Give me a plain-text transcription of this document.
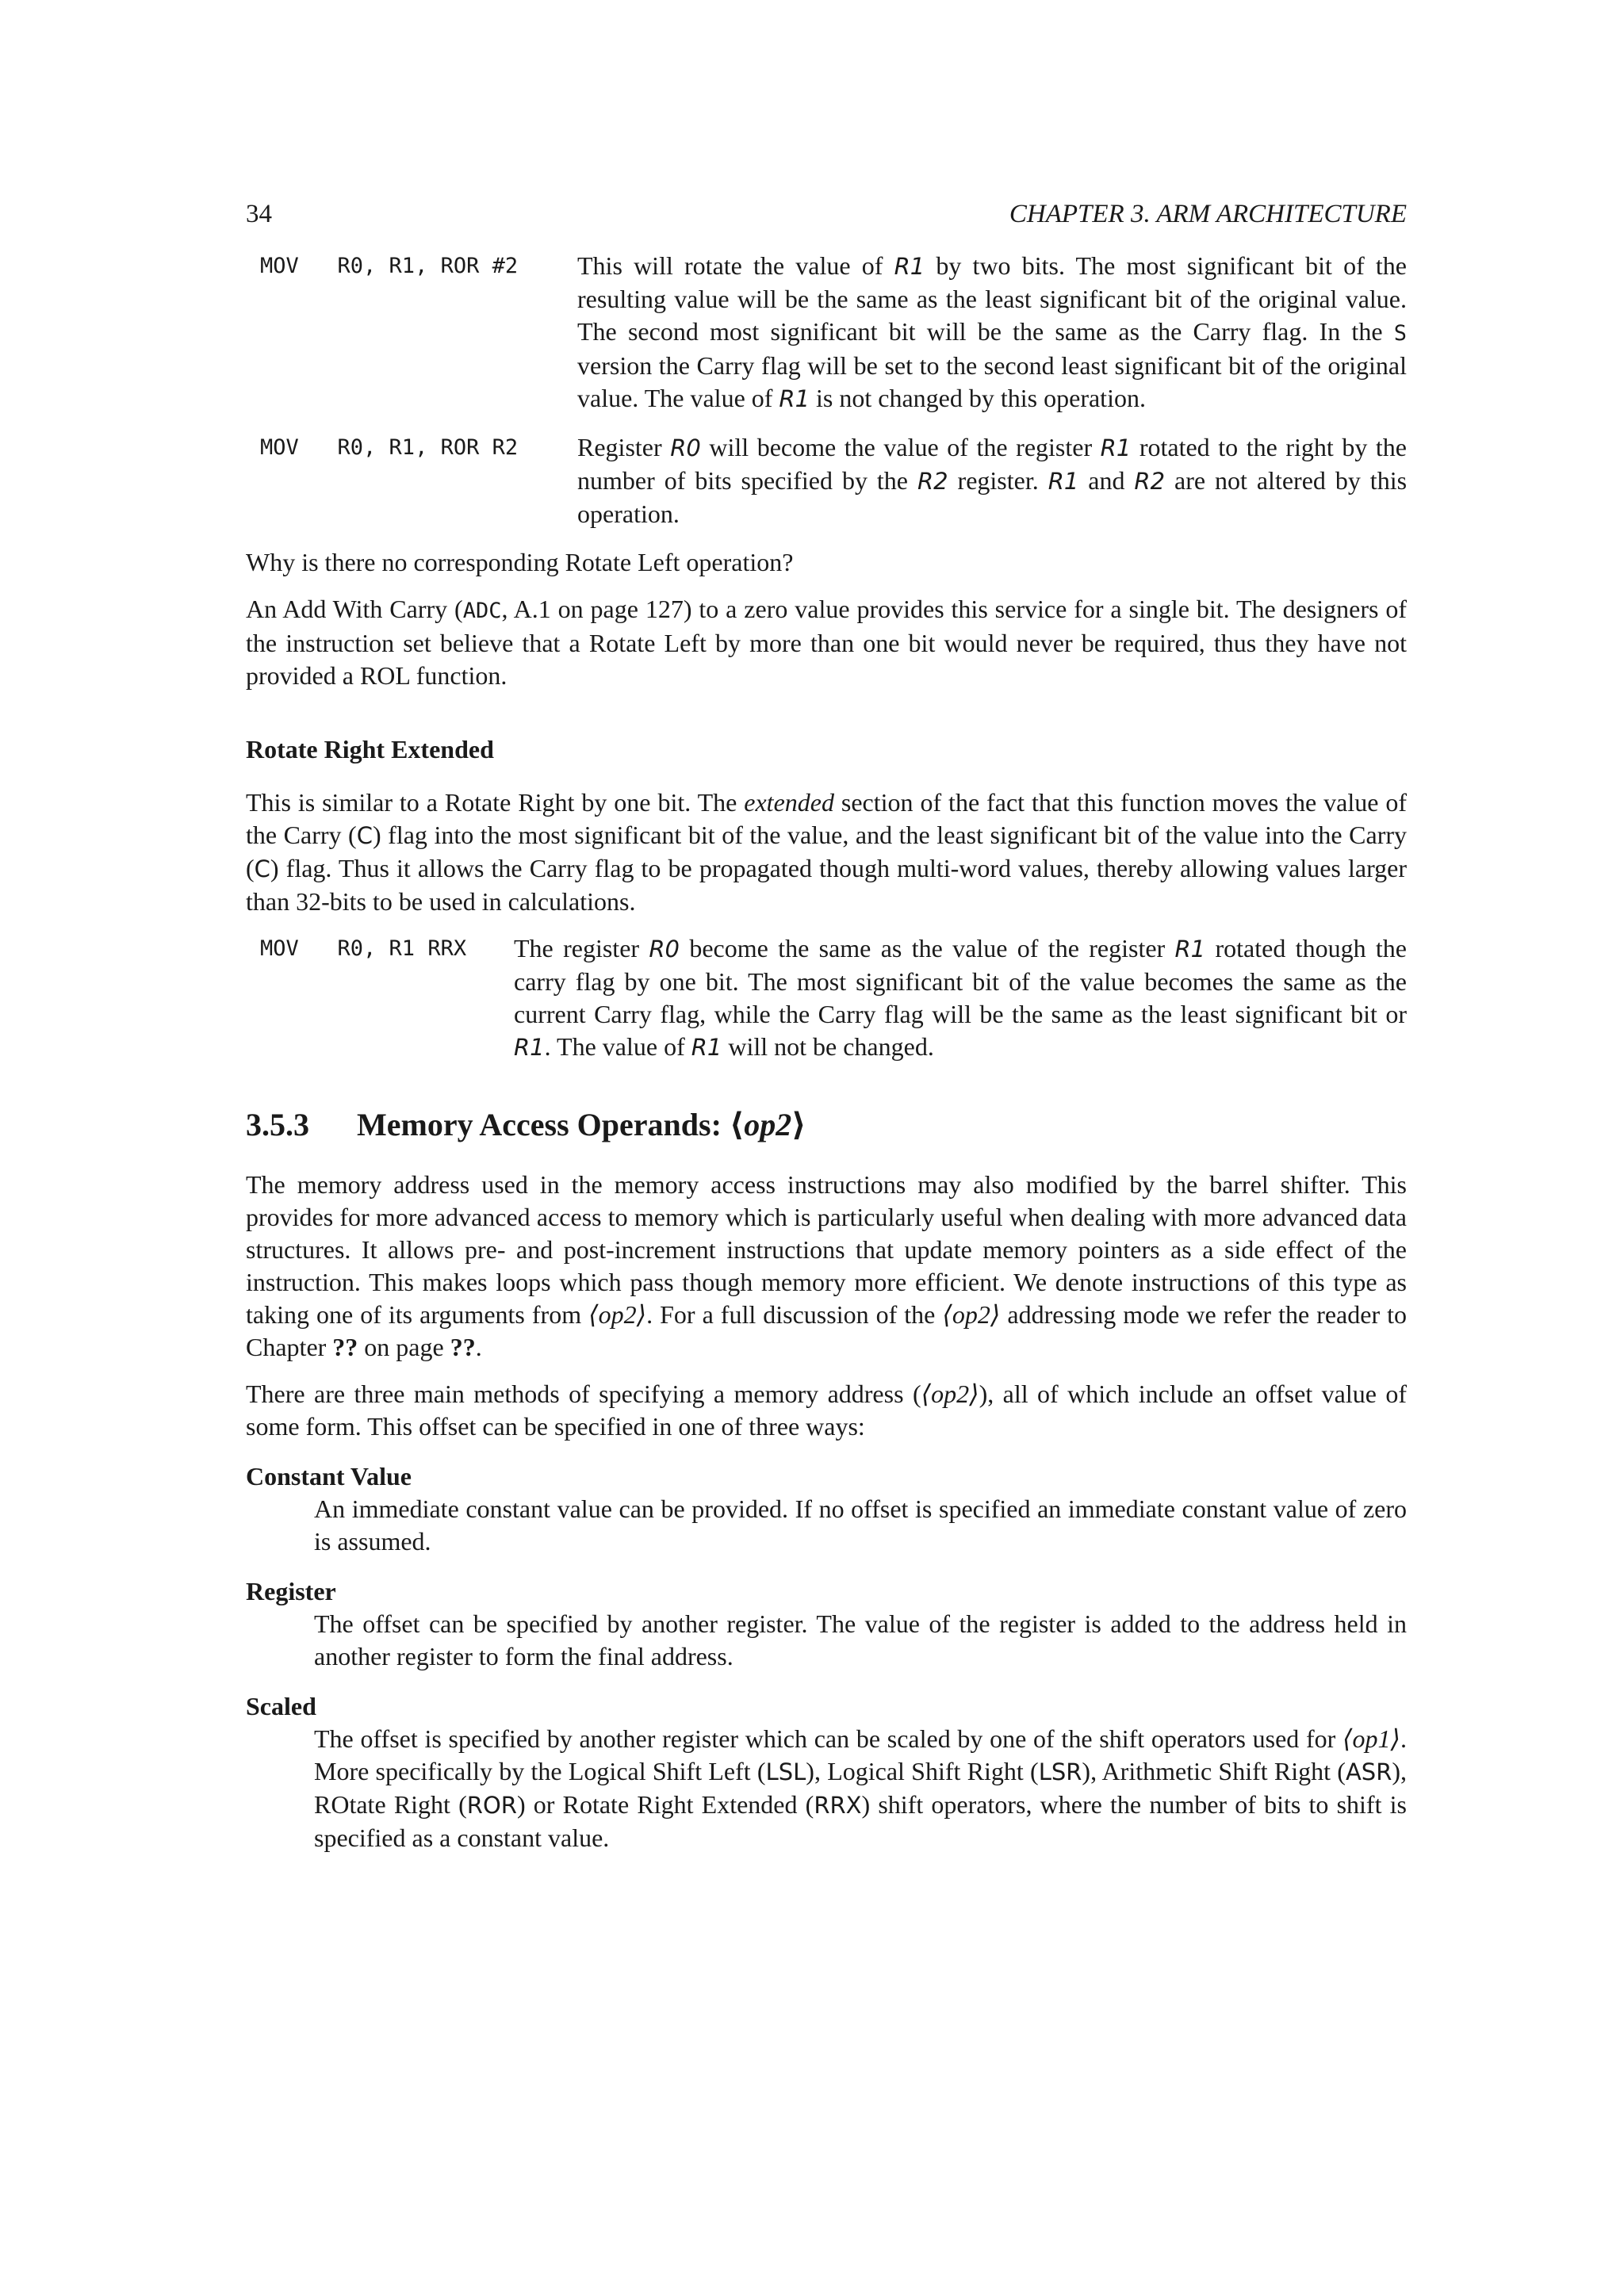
34	CHAPTER 3. ARM ARCHITECTURE
MOV   R0, R1, ROR #2	This will rotate the value of R1 by two bits. The most significant bit of the resulting value will be the same as the least significant bit of the original value. The second most significant bit will be the same as the Carry flag. In the S version the Carry flag will be set to the second least significant bit of the original value. The value of R1 is not changed by this operation.
MOV   R0, R1, ROR R2	Register R0 will become the value of the register R1 rotated to the right by the number of bits specified by the R2 register. R1 and R2 are not altered by this operation.

Why is there no corresponding Rotate Left operation?

An Add With Carry (ADC, A.1 on page 127) to a zero value provides this service for a single bit. The designers of the instruction set believe that a Rotate Left by more than one bit would never be required, thus they have not provided a ROL function.

Rotate Right Extended

This is similar to a Rotate Right by one bit. The extended section of the fact that this function moves the value of the Carry (C) flag into the most significant bit of the value, and the least significant bit of the value into the Carry (C) flag. Thus it allows the Carry flag to be propagated though multi-word values, thereby allowing values larger than 32-bits to be used in calculations.

MOV   R0, R1 RRX	The register R0 become the same as the value of the register R1 rotated though the carry flag by one bit. The most significant bit of the value becomes the same as the current Carry flag, while the Carry flag will be the same as the least significant bit or R1. The value of R1 will not be changed.
3.5.3 Memory Access Operands: ⟨op2⟩

The memory address used in the memory access instructions may also modified by the barrel shifter. This provides for more advanced access to memory which is particularly useful when dealing with more advanced data structures. It allows pre- and post-increment instructions that update memory pointers as a side effect of the instruction. This makes loops which pass though memory more efficient. We denote instructions of this type as taking one of its arguments from ⟨op2⟩. For a full discussion of the ⟨op2⟩ addressing mode we refer the reader to Chapter ?? on page ??.

There are three main methods of specifying a memory address (⟨op2⟩), all of which include an offset value of some form. This offset can be specified in one of three ways:

Constant Value
An immediate constant value can be provided. If no offset is specified an immediate constant value of zero is assumed.
Register
The offset can be specified by another register. The value of the register is added to the address held in another register to form the final address.
Scaled
The offset is specified by another register which can be scaled by one of the shift operators used for ⟨op1⟩. More specifically by the Logical Shift Left (LSL), Logical Shift Right (LSR), Arithmetic Shift Right (ASR), ROtate Right (ROR) or Rotate Right Extended (RRX) shift operators, where the number of bits to shift is specified as a constant value.
